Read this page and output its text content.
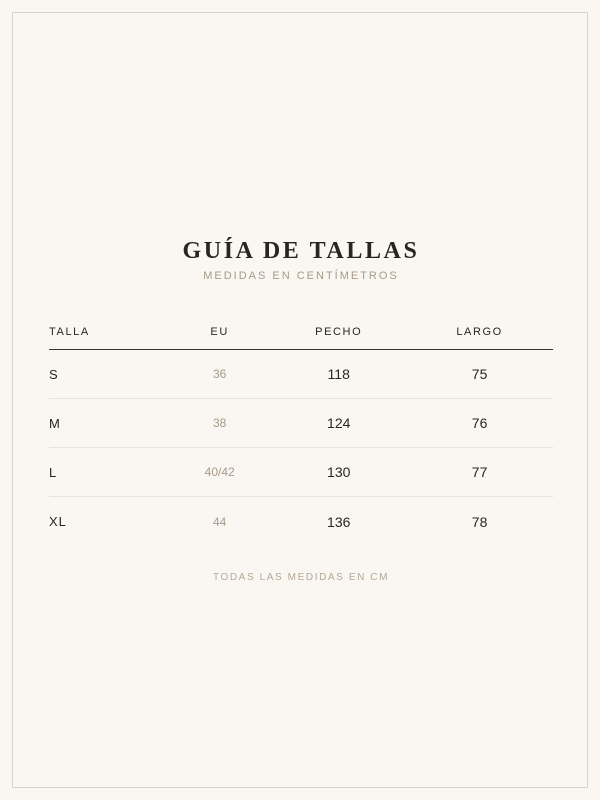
GUÍA DE TALLAS
MEDIDAS EN CENTÍMETROS
TALLA	EU	PECHO	LARGO
S	36	118	75
M	38	124	76
L	40/42	130	77
XL	44	136	78
TODAS LAS MEDIDAS EN CM
